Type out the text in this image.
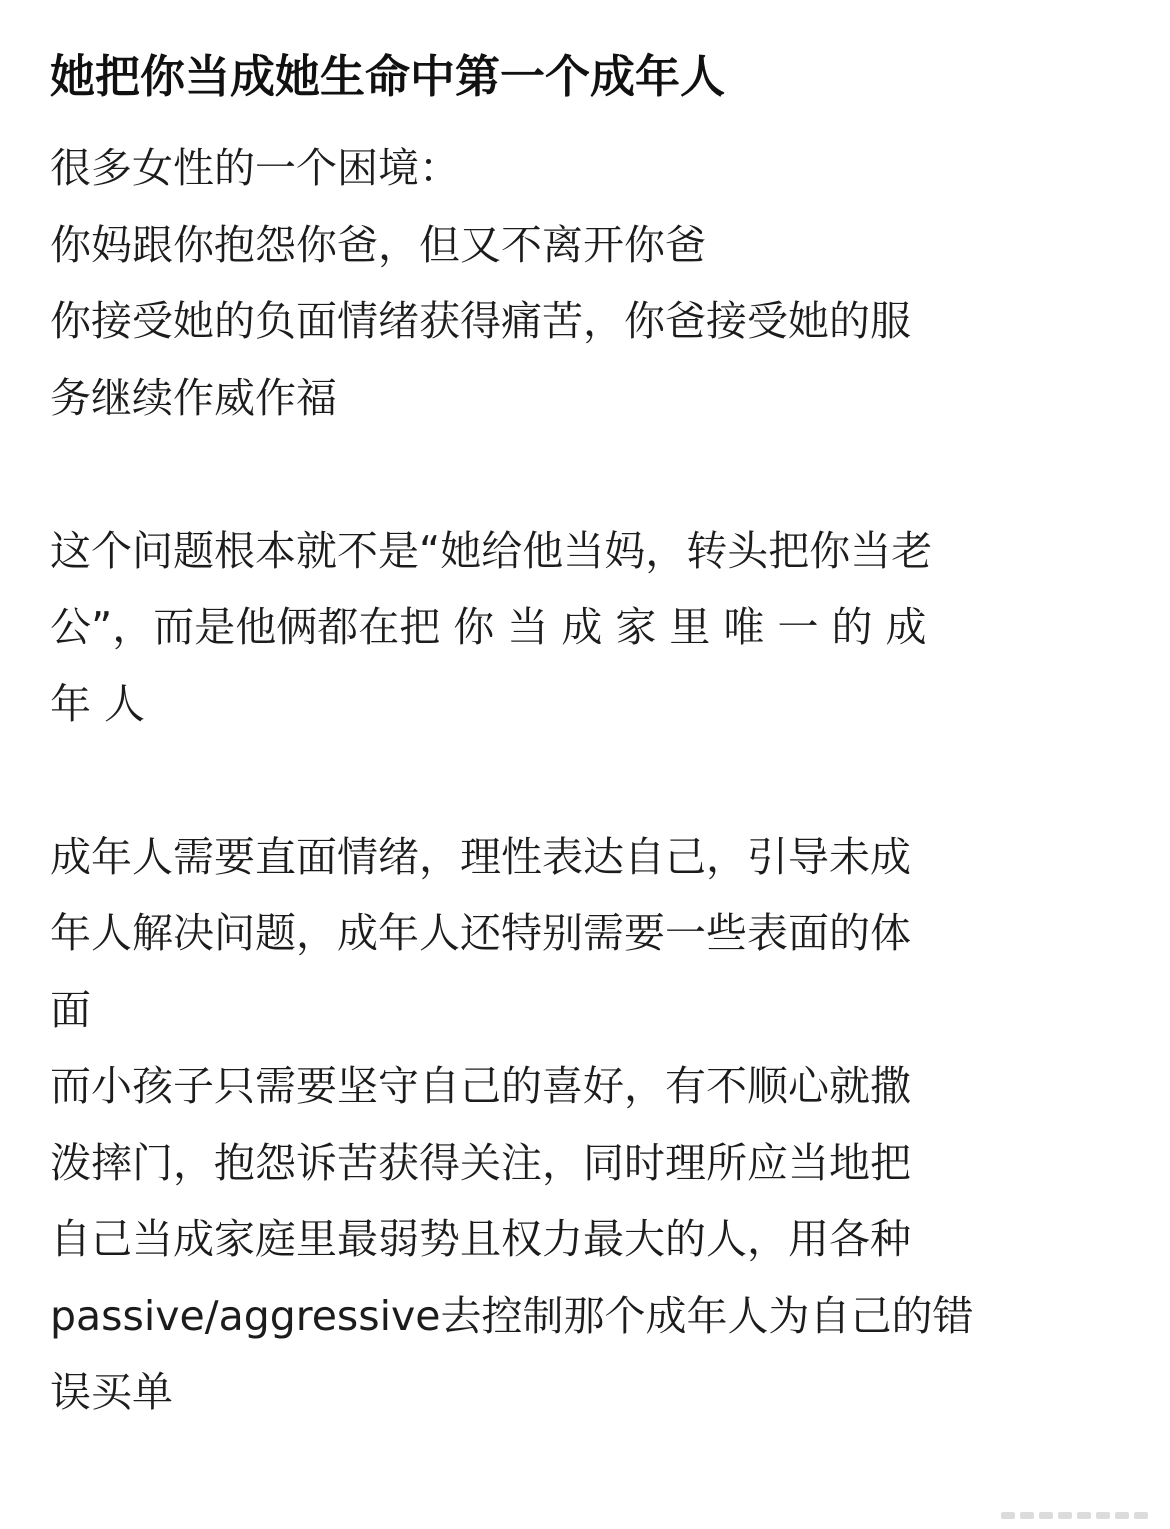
她把你当成她生命中第一个成年人
很多女性的一个困境：
你妈跟你抱怨你爸，但又不离开你爸
你接受她的负面情绪获得痛苦，你爸接受她的服
务继续作威作福
这个问题根本就不是“她给他当妈，转头把你当老
公”，而是他俩都在把 你 当 成 家 里 唯 一 的 成
年 人
成年人需要直面情绪，理性表达自己，引导未成
年人解决问题，成年人还特别需要一些表面的体
面
而小孩子只需要坚守自己的喜好，有不顺心就撒
泼摔门，抱怨诉苦获得关注，同时理所应当地把
自己当成家庭里最弱势且权力最大的人，用各种
passive/aggressive去控制那个成年人为自己的错
误买单
